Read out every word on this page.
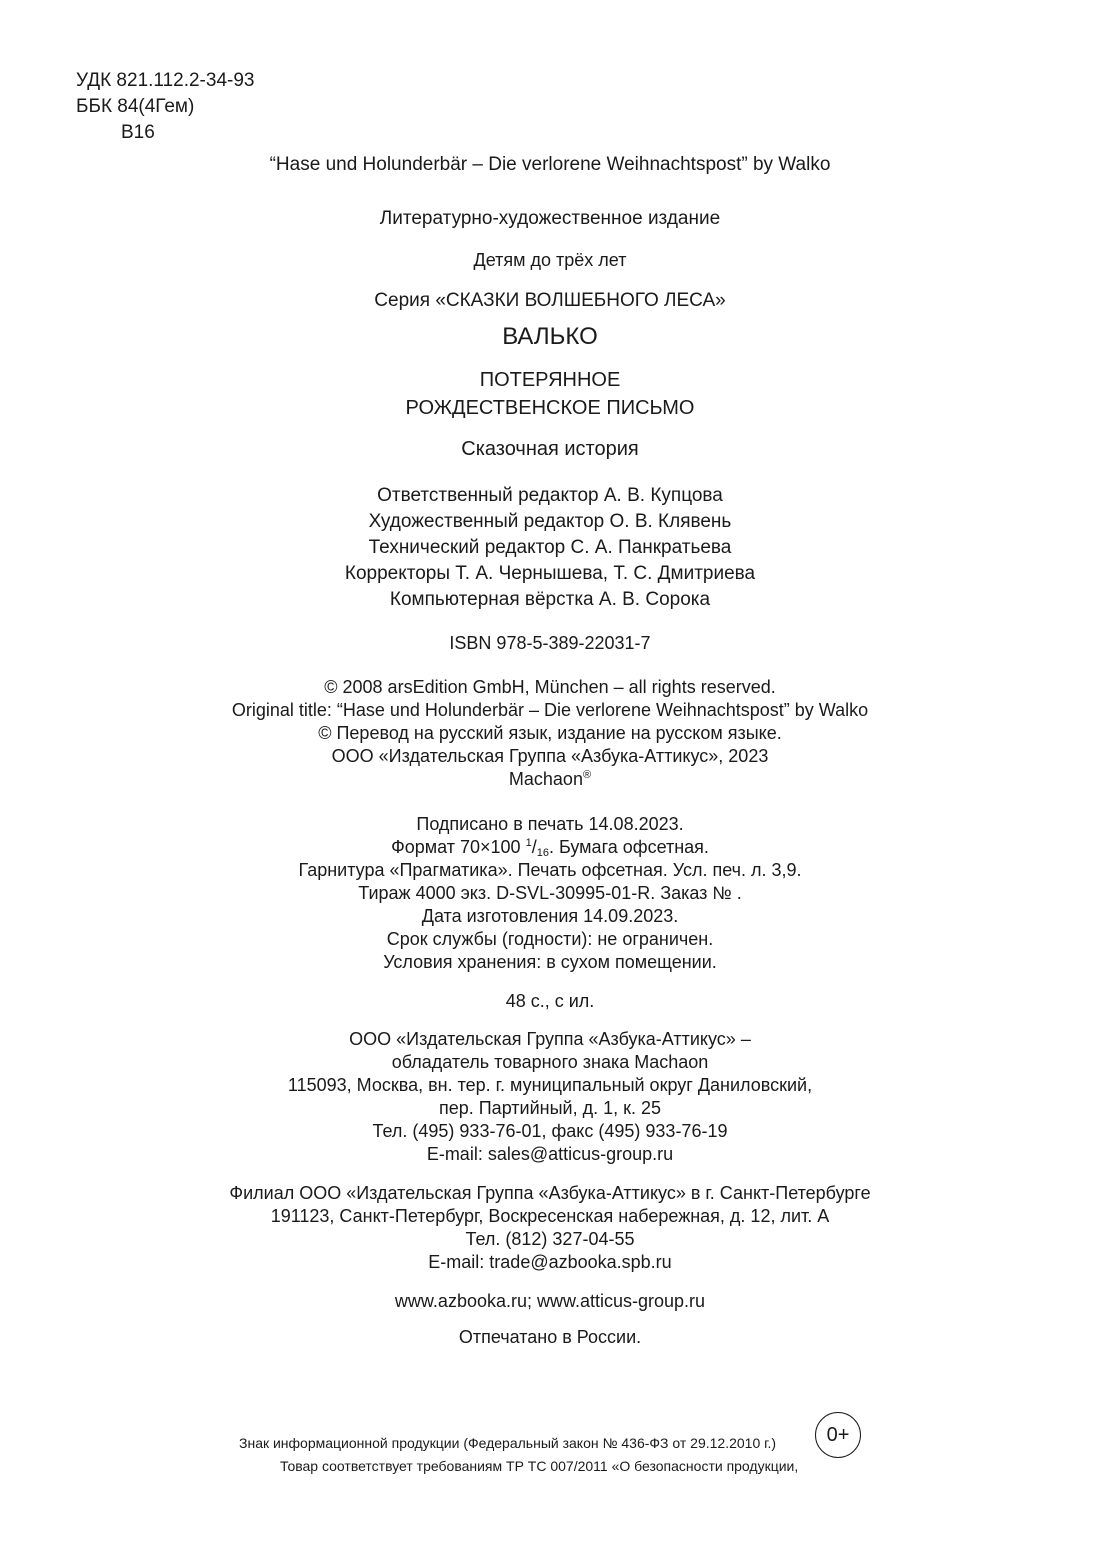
УДК 821.112.2-34-93
ББК 84(4Гем)
В16
“Hase und Holunderbär – Die verlorene Weihnachtspost” by Walko
Литературно-художественное издание
Детям до трёх лет
Серия «СКАЗКИ ВОЛШЕБНОГО ЛЕСА»
ВАЛЬКО
ПОТЕРЯННОЕ
РОЖДЕСТВЕНСКОЕ ПИСЬМО
Сказочная история
Ответственный редактор А. В. Купцова
Художественный редактор О. В. Клявень
Технический редактор С. А. Панкратьева
Корректоры Т. А. Чернышева, Т. С. Дмитриева
Компьютерная вёрстка А. В. Сорока
ISBN 978-5-389-22031-7
© 2008 arsEdition GmbH, München – all rights reserved.
Original title: “Hase und Holunderbär – Die verlorene Weihnachtspost” by Walko
© Перевод на русский язык, издание на русском языке.
ООО «Издательская Группа «Азбука-Аттикус», 2023
Machaon®
Подписано в печать 14.08.2023.
Формат 70×100 $^1/_{16}$. Бумага офсетная.
Гарнитура «Прагматика». Печать офсетная. Усл. печ. л. 3,9.
Тираж 4000 экз. D-SVL-30995-01-R. Заказ № .
Дата изготовления 14.09.2023.
Срок службы (годности): не ограничен.
Условия хранения: в сухом помещении.
48 с., с ил.
ООО «Издательская Группа «Азбука-Аттикус» –
обладатель товарного знака Machaon
115093, Москва, вн. тер. г. муниципальный округ Даниловский,
пер. Партийный, д. 1, к. 25
Тел. (495) 933-76-01, факс (495) 933-76-19
E-mail: sales@atticus-group.ru
Филиал ООО «Издательская Группа «Азбука-Аттикус» в г. Санкт-Петербурге
191123, Санкт-Петербург, Воскресенская набережная, д. 12, лит. А
Тел. (812) 327-04-55
E-mail: trade@azbooka.spb.ru
www.azbooka.ru; www.atticus-group.ru
Отпечатано в России.
Знак информационной продукции (Федеральный закон № 436-ФЗ от 29.12.2010 г.)	0+
Товар соответствует требованиям ТР ТС 007/2011 «О безопасности продукции,
